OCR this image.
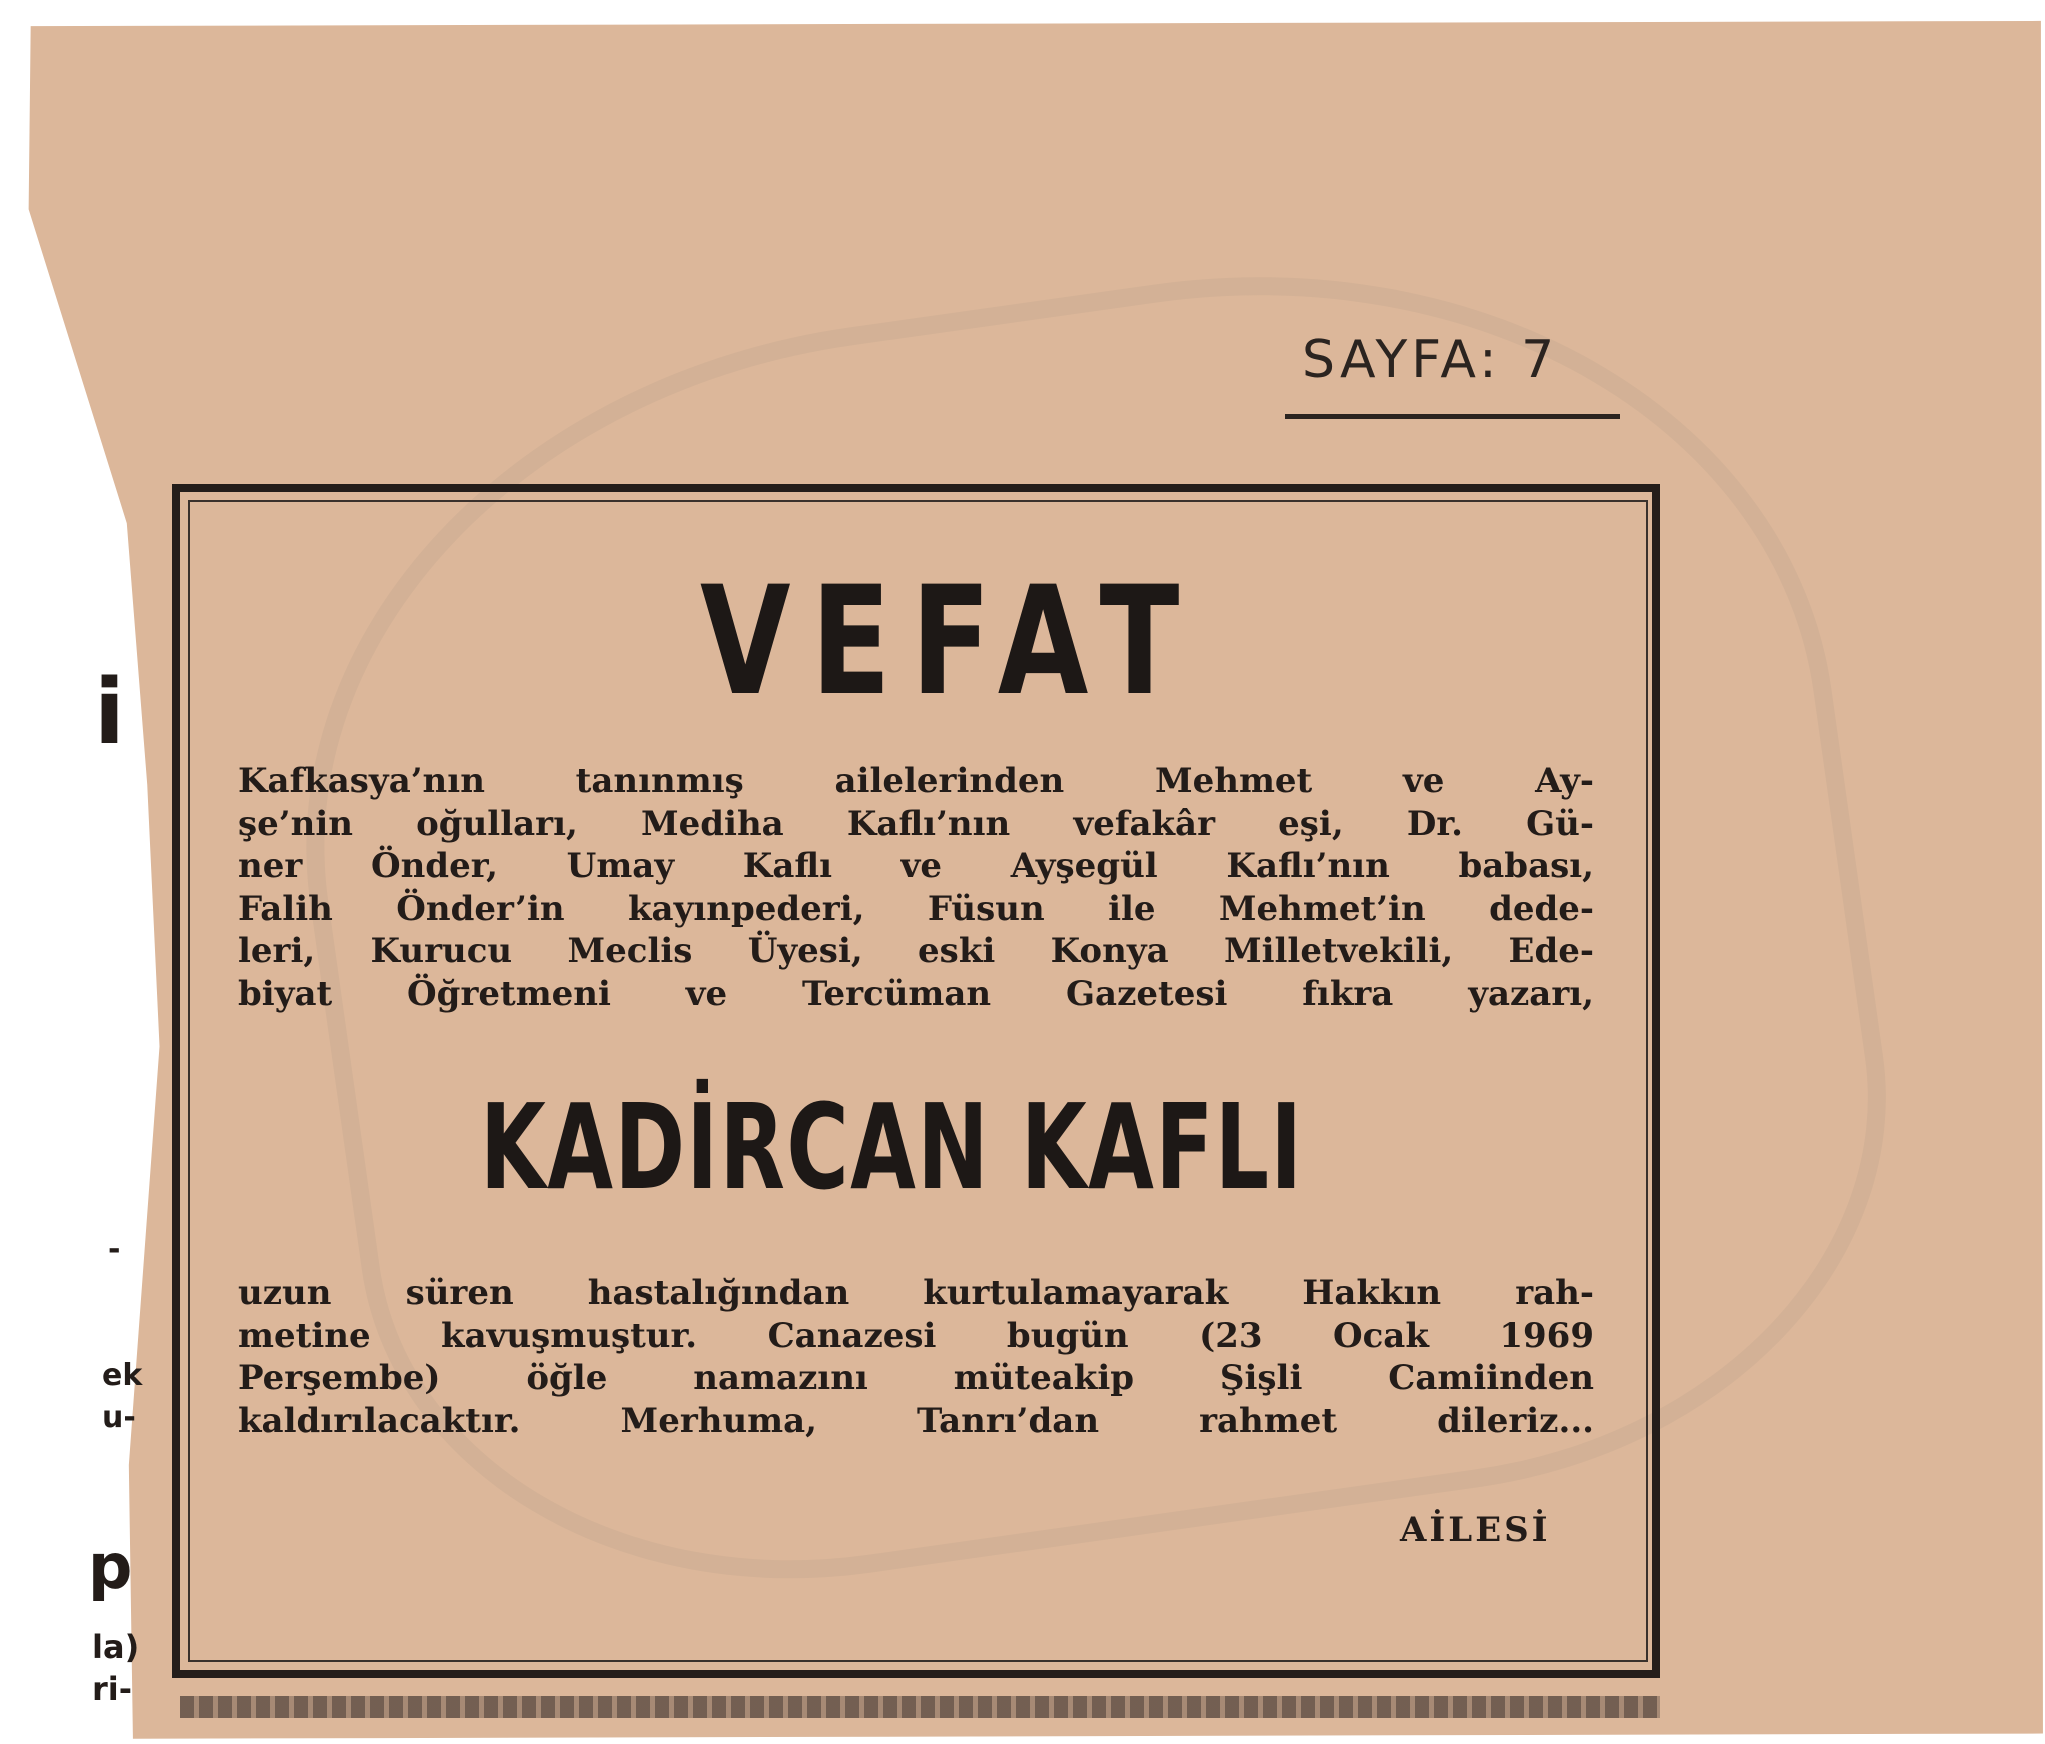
SAYFA: 7
VEFAT

Kafkasya’nın tanınmış ailelerinden Mehmet ve Ay-

şe’nin oğulları, Mediha Kaflı’nın vefakâr eşi, Dr. Gü-

ner Önder, Umay Kaflı ve Ayşegül Kaflı’nın babası,

Falih Önder’in kayınpederi, Füsun ile Mehmet’in dede-

leri, Kurucu Meclis Üyesi, eski Konya Milletvekili, Ede-

biyat Öğretmeni ve Tercüman Gazetesi fıkra yazarı,

KADİRCAN KAFLI

uzun süren hastalığından kurtulamayarak Hakkın rah-

metine kavuşmuştur. Canazesi bugün (23 Ocak 1969

Perşembe) öğle namazını müteakip Şişli Camiinden

kaldırılacaktır. Merhuma, Tanrı’dan rahmet dileriz...

AİLESİ
i
-
ek
u-
p
la)
ri-
